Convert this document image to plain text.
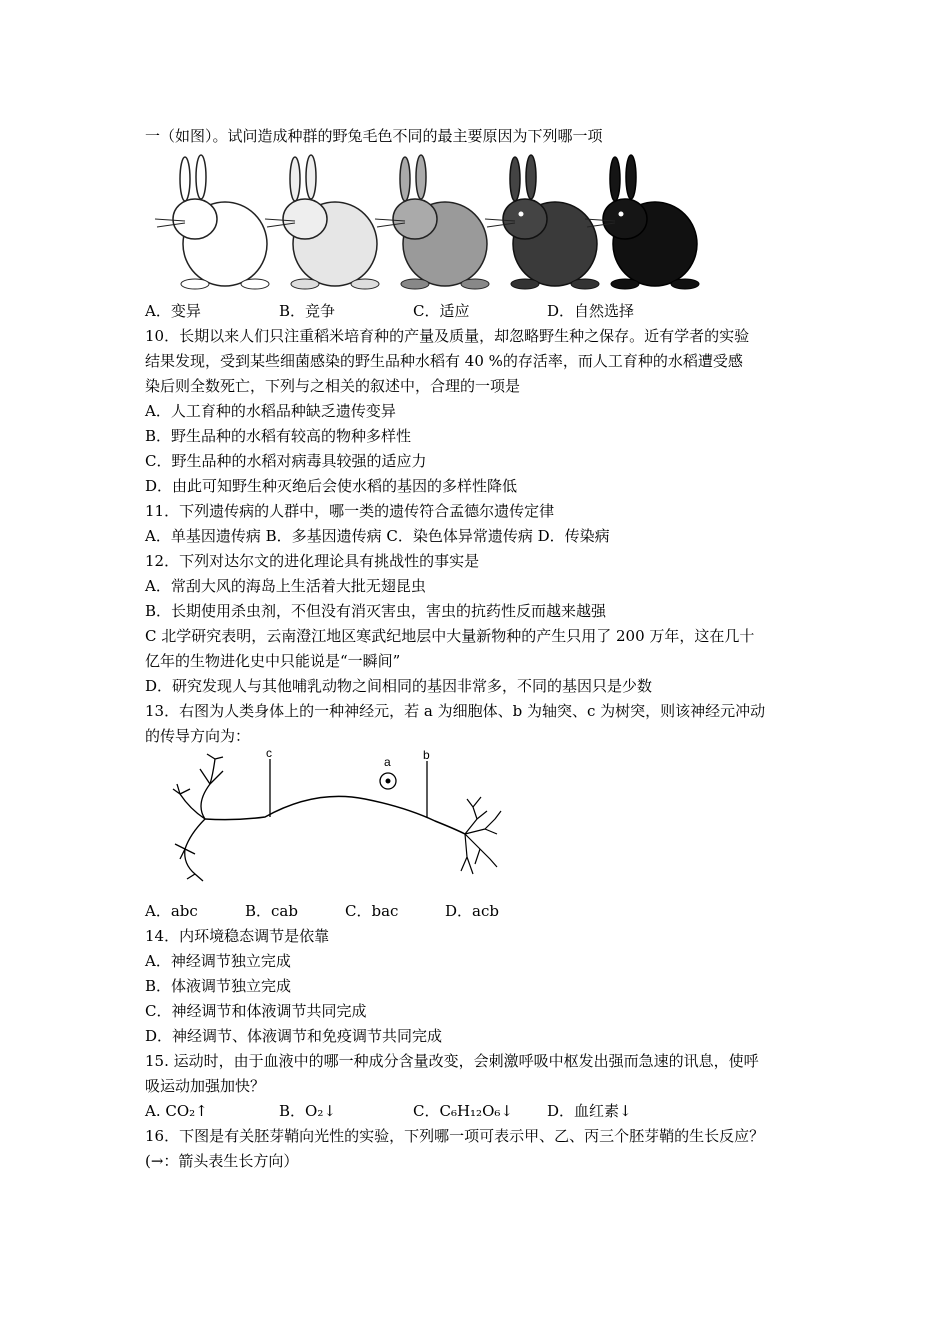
一（如图）。试问造成种群的野兔毛色不同的最主要原因为下列哪一项
A．变异	B．竞争	C．适应	D．自然选择
10．长期以来人们只注重稻米培育种的产量及质量，却忽略野生种之保存。近有学者的实验
结果发现，受到某些细菌感染的野生品种水稻有 40 %的存活率，而人工育种的水稻遭受感
染后则全数死亡，下列与之相关的叙述中，合理的一项是
A．人工育种的水稻品种缺乏遗传变异
B．野生品种的水稻有较高的物种多样性
C．野生品种的水稻对病毒具较强的适应力
D．由此可知野生种灭绝后会使水稻的基因的多样性降低
11．下列遗传病的人群中，哪一类的遗传符合孟德尔遗传定律
A．单基因遗传病 B．多基因遗传病 C．染色体异常遗传病 D．传染病
12．下列对达尔文的进化理论具有挑战性的事实是
A．常刮大风的海岛上生活着大批无翅昆虫
B．长期使用杀虫剂，不但没有消灭害虫，害虫的抗药性反而越来越强
C 北学研究表明，云南澄江地区寒武纪地层中大量新物种的产生只用了 200 万年，这在几十
亿年的生物进化史中只能说是“一瞬间”
D．研究发现人与其他哺乳动物之间相同的基因非常多，不同的基因只是少数
13．右图为人类身体上的一种神经元，若 a 为细胞体、b 为轴突、c 为树突，则该神经元冲动
的传导方向为：
c
a	b
A．abc	B．cab	C．bac	D．acb
14．内环境稳态调节是依靠
A．神经调节独立完成
B．体液调节独立完成
C．神经调节和体液调节共同完成
D．神经调节、体液调节和免疫调节共同完成
15. 运动时，由于血液中的哪一种成分含量改变，会刺激呼吸中枢发出强而急速的讯息，使呼
吸运动加强加快？
A. CO₂↑	B．O₂↓	C．C₆H₁₂O₆↓	D．血红素↓
16．下图是有关胚芽鞘向光性的实验，下列哪一项可表示甲、乙、丙三个胚芽鞘的生长反应？
(→：箭头表生长方向）
